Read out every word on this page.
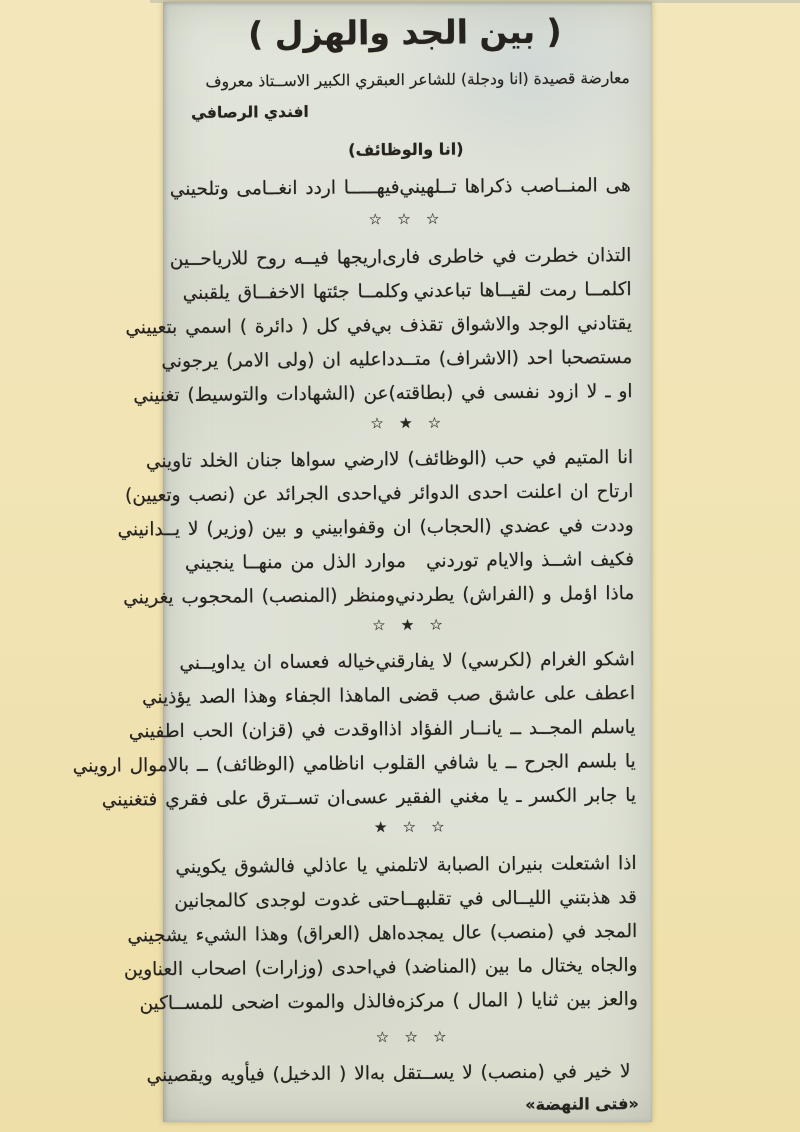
( بين الجد والهزل )
معارضة قصيدة (انا ودجلة) للشاعر العبقري الكبير الاســتاذ معروف
افندي الرصافي
(انا والوظائف)
هى المنــاصب ذكراها تــلهيني
فيهـــــا اردد انغــامى وتلحيني
☆ ☆ ☆
التذان خطرت في خاطرى فارى
اريجها فيــه روح للارياحــين
اكلمــا رمت لقيــاها تباعدني
وكلمــا جئتها الاخفــاق يلقبني
يقتادني الوجد والاشواق تقذف بي
في كل ( دائرة ) اسمي بتعييني
مستصحبا احد (الاشراف) متــددا
عليه ان (ولى الامر) يرجوني
او ـ لا ازود نفسى في (بطاقته)
عن (الشهادات والتوسيط) تغنيني
☆ ★ ☆
انا المتيم في حب (الوظائف) لا
ارضي سواها جنان الخلد تاويني
ارتاح ان اعلنت احدى الدوائر في
احدى الجرائد عن (نصب وتعيين)
وددت في عضدي (الحجاب) ان وقفوا
بيني و بين (وزير) لا يــدانيني
فكيف اشــذ والايام توردني
موارد الذل من منهــا ينجيني
ماذا اؤمل و (الفراش) يطردني
ومنظر (المنصب) المحجوب يغريني
☆ ★ ☆
اشكو الغرام (لكرسي) لا يفارقني
خياله فعساه ان يداويــني
اعطف على عاشق صب قضى الما
هذا الجفاء وهذا الصد يؤذيني
ياسلم المجــد ــ يانــار الفؤاد اذا
اوقدت في (قزان) الحب اطفيني
يا بلسم الجرح ــ يا شافي القلوب انا
ظامي (الوظائف) ــ بالاموال ارويني
يا جابر الكسر ـ يا مغني الفقير عسى
ان تســترق على فقري فتغنيني
☆ ☆ ★
اذا اشتعلت بنيران الصبابة لا
تلمني يا عاذلي فالشوق يكويني
قد هذبتني الليــالى في تقلبهــا
حتى غدوت لوجدى كالمجانين
المجد في (منصب) عال يمجده
اهل (العراق) وهذا الشيء يشجيني
والجاه يختال ما بين (المناضد) في
احدى (وزارات) اصحاب العناوين
والعز بين ثنايا ( المال ) مركزه
فالذل والموت اضحى للمســاكين
☆ ☆ ☆
لا خير في (منصب) لا يســتقل به
الا ( الدخيل) فيأويه ويقصيني
«فتى النهضة»
